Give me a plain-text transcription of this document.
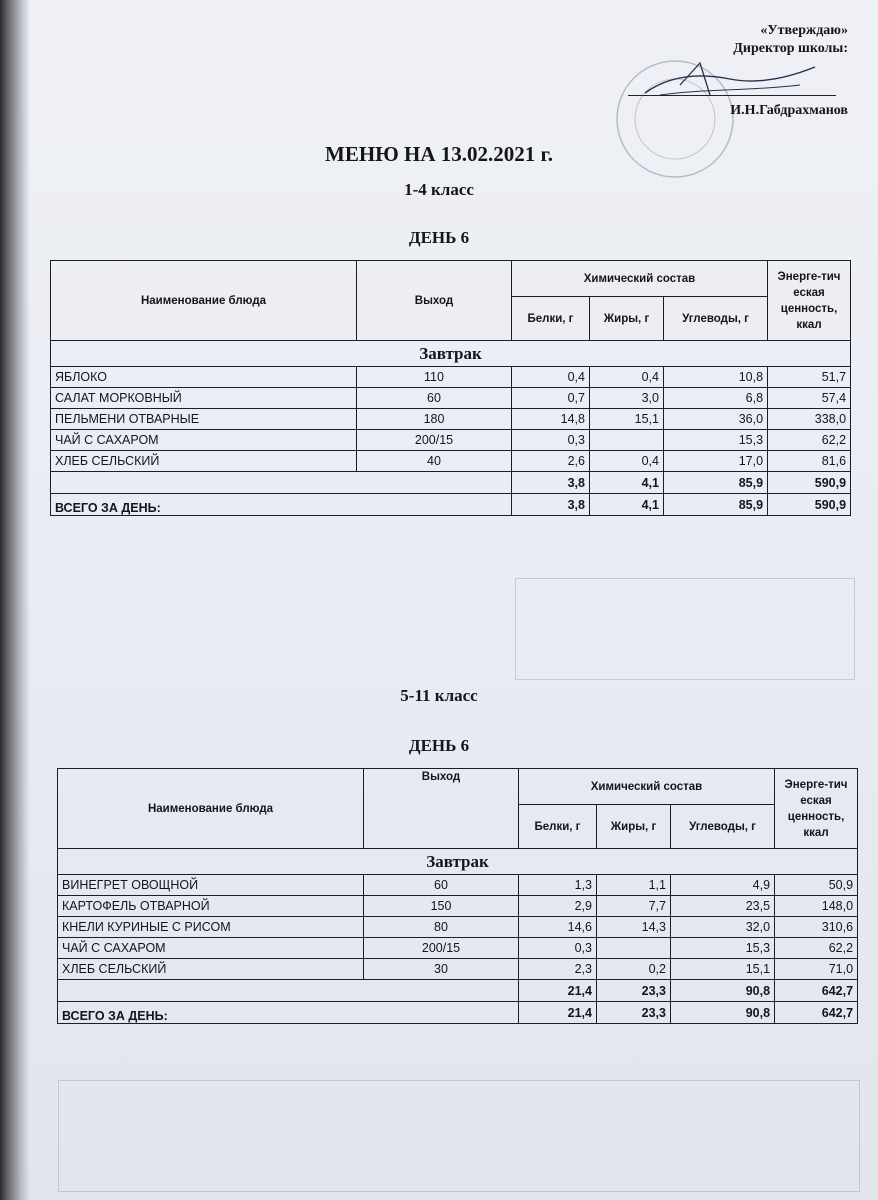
«Утверждаю»
Директор школы:
И.Н.Габдрахманов
МЕНЮ НА 13.02.2021 г.
1-4 класс
ДЕНЬ 6
Наименование блюда	Выход	Химический состав			Энерге-тич еская ценность, ккал
		Белки, г	Жиры, г	Углеводы, г	
Завтрак					
ЯБЛОКО	110	0,4	0,4	10,8	51,7
САЛАТ МОРКОВНЫЙ	60	0,7	3,0	6,8	57,4
ПЕЛЬМЕНИ ОТВАРНЫЕ	180	14,8	15,1	36,0	338,0
ЧАЙ С САХАРОМ	200/15	0,3		15,3	62,2
ХЛЕБ СЕЛЬСКИЙ	40	2,6	0,4	17,0	81,6
		3,8	4,1	85,9	590,9
ВСЕГО ЗА ДЕНЬ:		3,8	4,1	85,9	590,9
5-11 класс
ДЕНЬ 6
Наименование блюда	Выход	Химический состав			Энерге-тич еская ценность, ккал
		Белки, г	Жиры, г	Углеводы, г	
Завтрак					
ВИНЕГРЕТ ОВОЩНОЙ	60	1,3	1,1	4,9	50,9
КАРТОФЕЛЬ ОТВАРНОЙ	150	2,9	7,7	23,5	148,0
КНЕЛИ КУРИНЫЕ С РИСОМ	80	14,6	14,3	32,0	310,6
ЧАЙ С САХАРОМ	200/15	0,3		15,3	62,2
ХЛЕБ СЕЛЬСКИЙ	30	2,3	0,2	15,1	71,0
		21,4	23,3	90,8	642,7
ВСЕГО ЗА ДЕНЬ:		21,4	23,3	90,8	642,7
